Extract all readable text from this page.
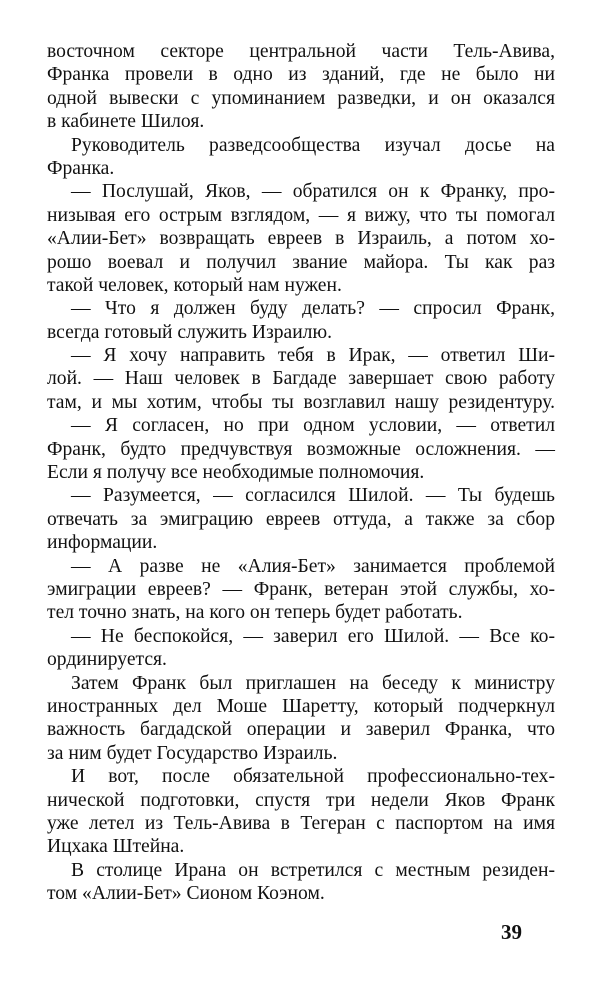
восточном секторе центральной части Тель-Авива,
Франка провели в одно из зданий, где не было ни
одной вывески с упоминанием разведки, и он оказался
в кабинете Шилоя.
Руководитель разведсообщества изучал досье на
Франка.
— Послушай, Яков, — обратился он к Франку, про-
низывая его острым взглядом, — я вижу, что ты помогал
«Алии-Бет» возвращать евреев в Израиль, а потом хо-
рошо воевал и получил звание майора. Ты как раз
такой человек, который нам нужен.
— Что я должен буду делать? — спросил Франк,
всегда готовый служить Израилю.
— Я хочу направить тебя в Ирак, — ответил Ши-
лой. — Наш человек в Багдаде завершает свою работу
там, и мы хотим, чтобы ты возглавил нашу резидентуру.
— Я согласен, но при одном условии, — ответил
Франк, будто предчувствуя возможные осложнения. —
Если я получу все необходимые полномочия.
— Разумеется, — согласился Шилой. — Ты будешь
отвечать за эмиграцию евреев оттуда, а также за сбор
информации.
— А разве не «Алия-Бет» занимается проблемой
эмиграции евреев? — Франк, ветеран этой службы, хо-
тел точно знать, на кого он теперь будет работать.
— Не беспокойся, — заверил его Шилой. — Все ко-
ординируется.
Затем Франк был приглашен на беседу к министру
иностранных дел Моше Шаретту, который подчеркнул
важность багдадской операции и заверил Франка, что
за ним будет Государство Израиль.
И вот, после обязательной профессионально-тех-
нической подготовки, спустя три недели Яков Франк
уже летел из Тель-Авива в Тегеран с паспортом на имя
Ицхака Штейна.
В столице Ирана он встретился с местным резиден-
том «Алии-Бет» Сионом Коэном.
39
